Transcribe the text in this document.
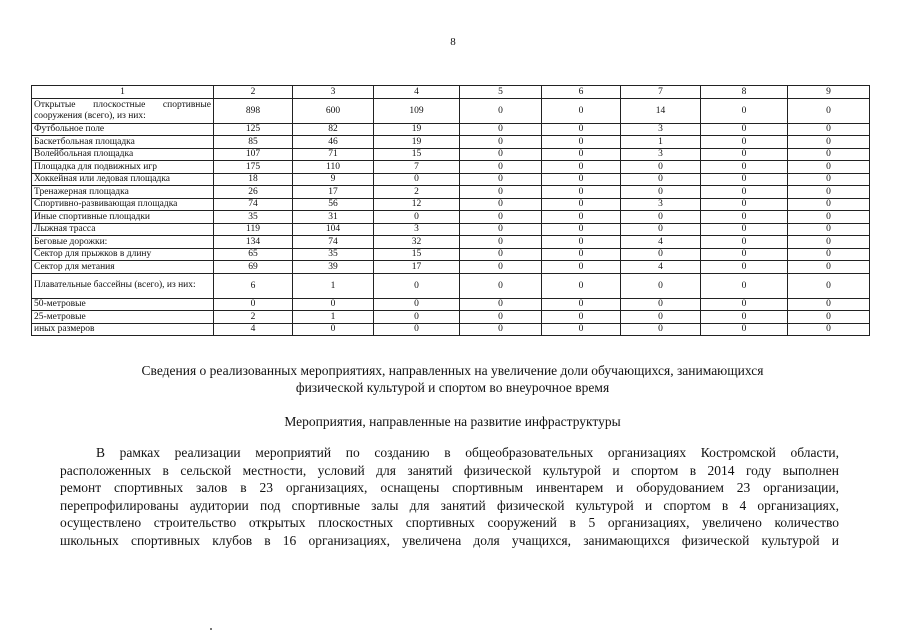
8
1	2	3	4	5	6	7	8	9
Открытые плоскостные спортивные сооружения (всего), из них:	898	600	109	0	0	14	0	0
Футбольное поле	125	82	19	0	0	3	0	0
Баскетбольная площадка	85	46	19	0	0	1	0	0
Волейбольная площадка	107	71	15	0	0	3	0	0
Площадка для подвижных игр	175	110	7	0	0	0	0	0
Хоккейная или ледовая площадка	18	9	0	0	0	0	0	0
Тренажерная площадка	26	17	2	0	0	0	0	0
Спортивно-развивающая площадка	74	56	12	0	0	3	0	0
Иные спортивные площадки	35	31	0	0	0	0	0	0
Лыжная трасса	119	104	3	0	0	0	0	0
Беговые дорожки:	134	74	32	0	0	4	0	0
Сектор для прыжков в длину	65	35	15	0	0	0	0	0
Сектор для метания	69	39	17	0	0	4	0	0
Плавательные бассейны (всего), из них:	6	1	0	0	0	0	0	0
50-метровые	0	0	0	0	0	0	0	0
25-метровые	2	1	0	0	0	0	0	0
иных размеров	4	0	0	0	0	0	0	0
Сведения о реализованных мероприятиях, направленных на увеличение доли обучающихся, занимающихся
физической культурой и спортом во внеурочное время
Мероприятия, направленные на развитие инфраструктуры
В рамках реализации мероприятий по созданию в общеобразовательных организациях Костромской области,
расположенных в сельской местности, условий для занятий физической культурой и спортом в 2014 году выполнен
ремонт спортивных залов в 23 организациях, оснащены спортивным инвентарем и оборудованием 23 организации,
перепрофилированы аудитории под спортивные залы для занятий физической культурой и спортом в 4 организациях,
осуществлено строительство открытых плоскостных спортивных сооружений в 5 организациях, увеличено количество
школьных спортивных клубов в 16 организациях, увеличена доля учащихся, занимающихся физической культурой и
